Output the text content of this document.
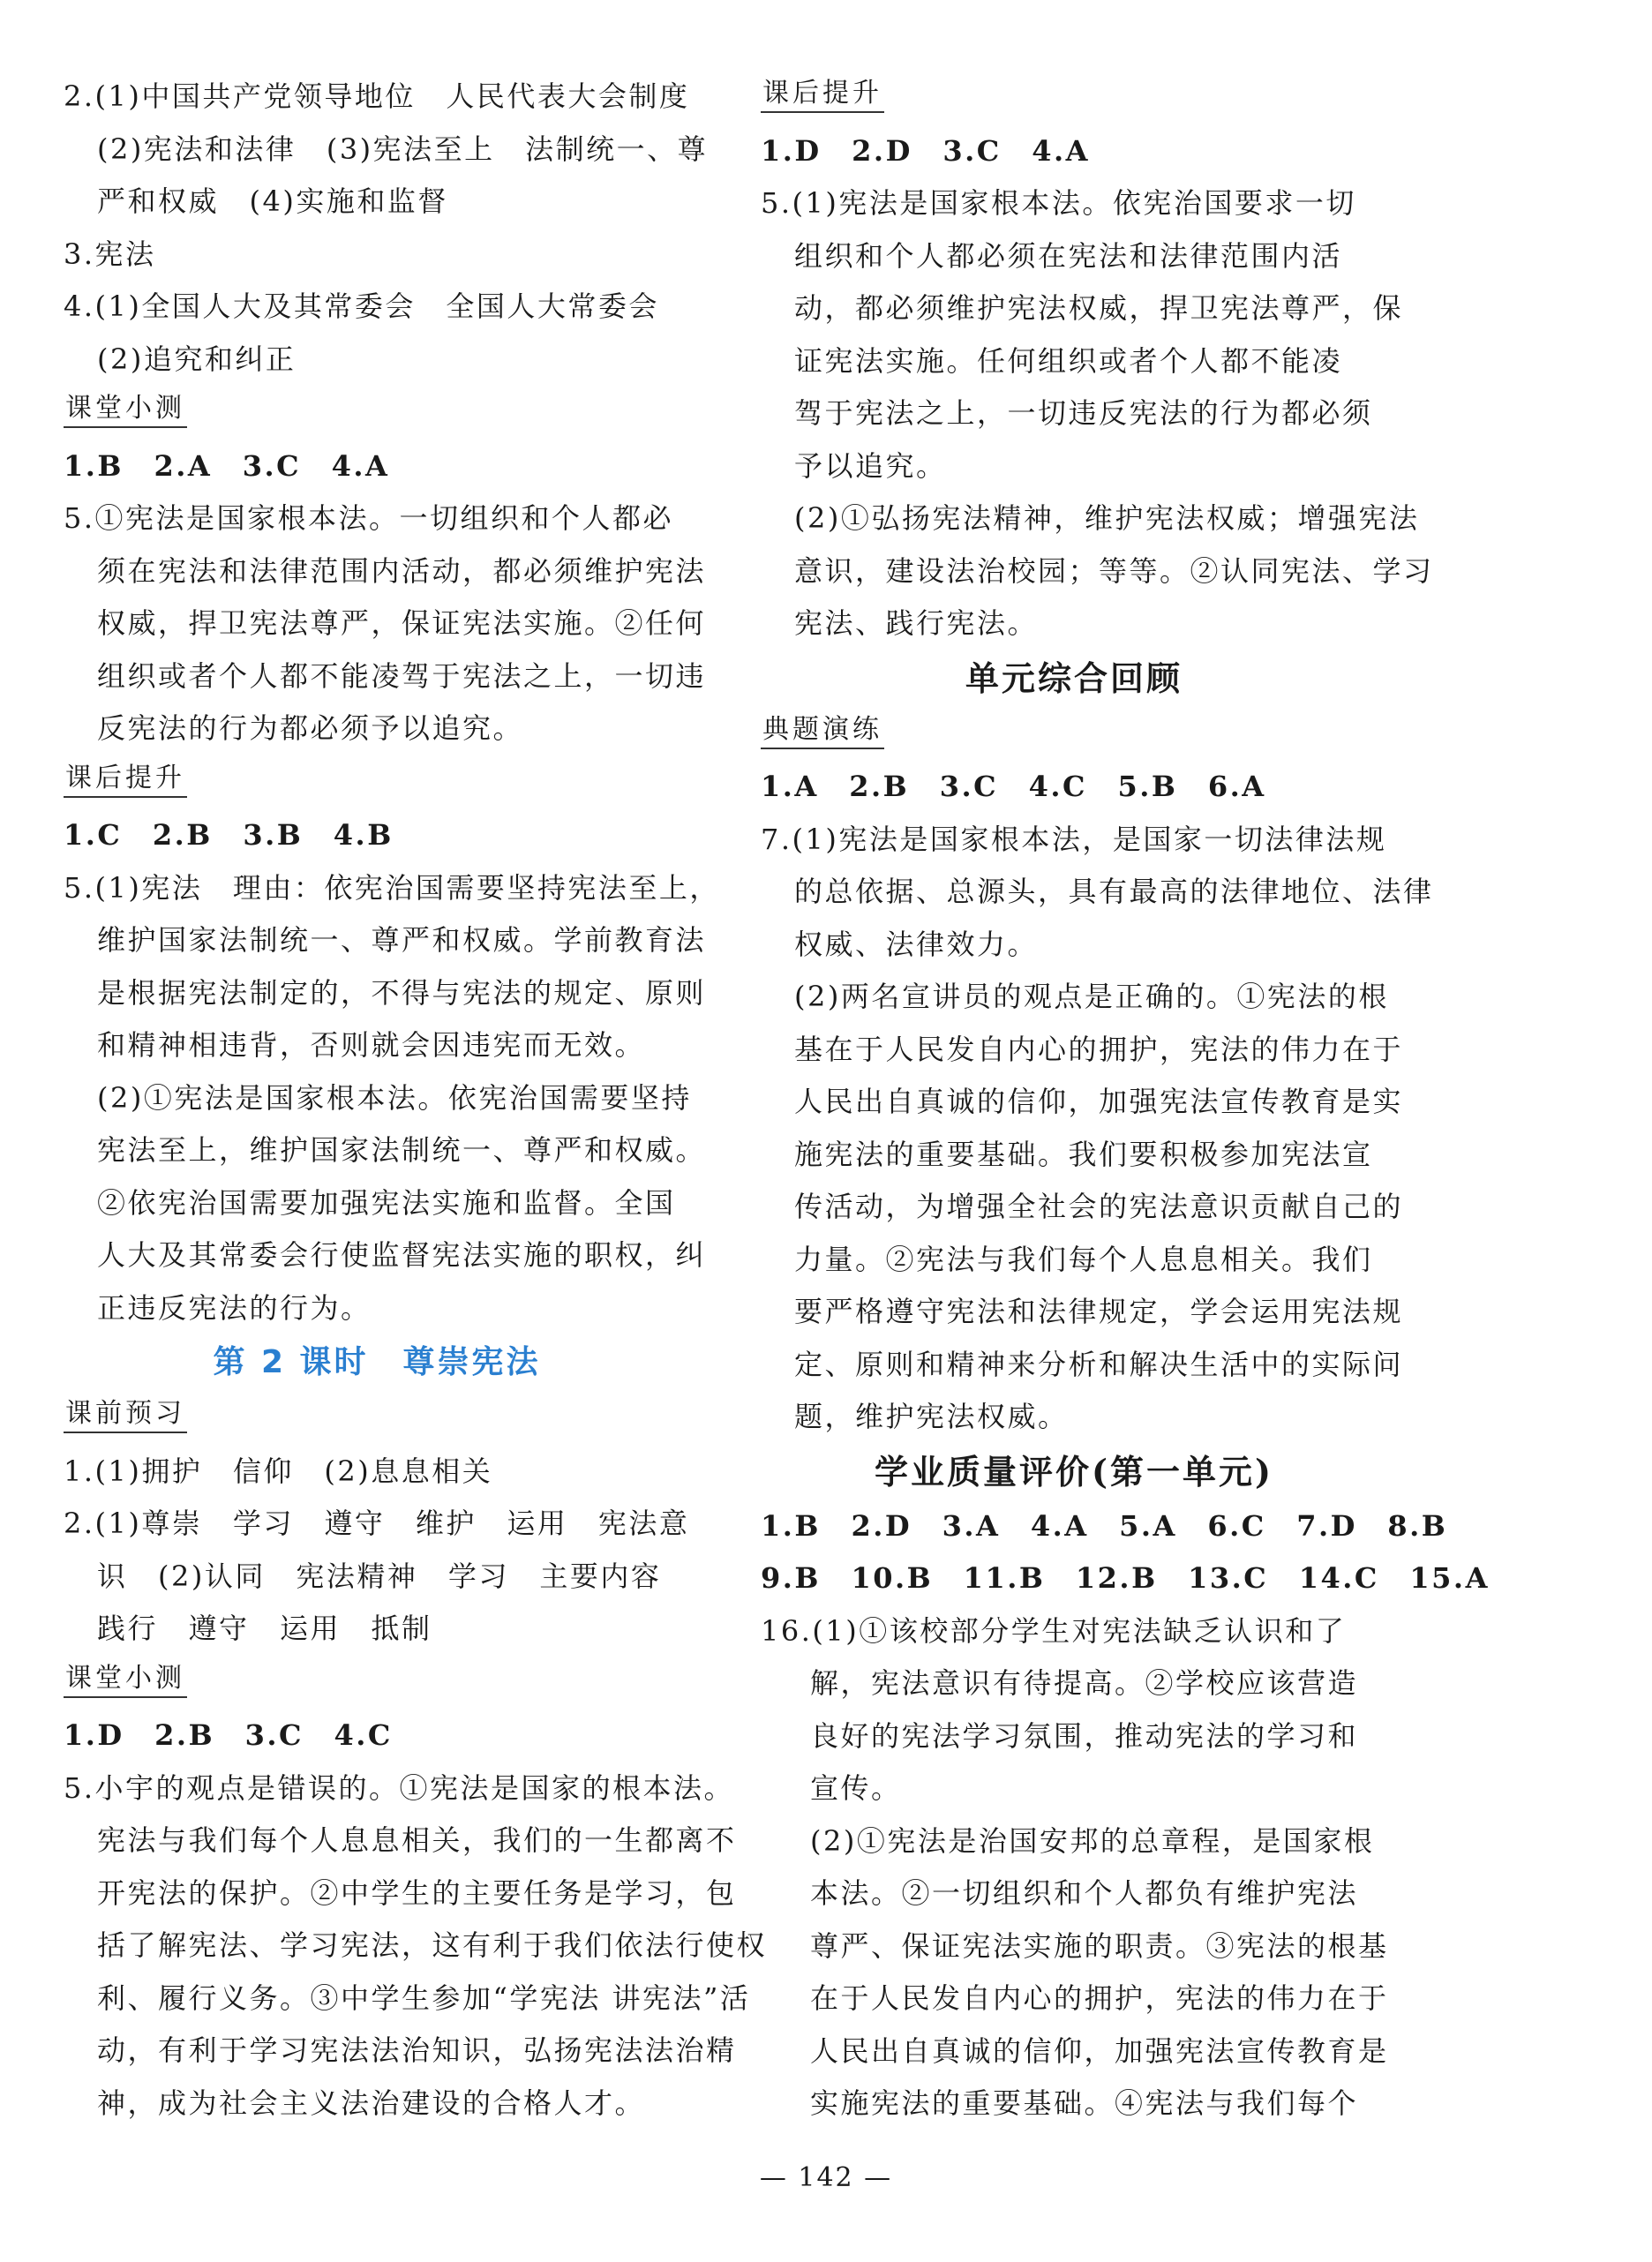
2.(1)中国共产党领导地位　人民代表大会制度
(2)宪法和法律　(3)宪法至上　法制统一、尊
严和权威　(4)实施和监督
3.宪法
4.(1)全国人大及其常委会　全国人大常委会
(2)追究和纠正
课堂小测
1.B　2.A　3.C　4.A
5.①宪法是国家根本法。一切组织和个人都必
须在宪法和法律范围内活动，都必须维护宪法
权威，捍卫宪法尊严，保证宪法实施。②任何
组织或者个人都不能凌驾于宪法之上，一切违
反宪法的行为都必须予以追究。
课后提升
1.C　2.B　3.B　4.B
5.(1)宪法　理由：依宪治国需要坚持宪法至上，
维护国家法制统一、尊严和权威。学前教育法
是根据宪法制定的，不得与宪法的规定、原则
和精神相违背，否则就会因违宪而无效。
(2)①宪法是国家根本法。依宪治国需要坚持
宪法至上，维护国家法制统一、尊严和权威。
②依宪治国需要加强宪法实施和监督。全国
人大及其常委会行使监督宪法实施的职权，纠
正违反宪法的行为。
第 2 课时　尊崇宪法
课前预习
1.(1)拥护　信仰　(2)息息相关
2.(1)尊崇　学习　遵守　维护　运用　宪法意
识　(2)认同　宪法精神　学习　主要内容
践行　遵守　运用　抵制
课堂小测
1.D　2.B　3.C　4.C
5.小宇的观点是错误的。①宪法是国家的根本法。
宪法与我们每个人息息相关，我们的一生都离不
开宪法的保护。②中学生的主要任务是学习，包
括了解宪法、学习宪法，这有利于我们依法行使权
利、履行义务。③中学生参加“学宪法 讲宪法”活
动，有利于学习宪法法治知识，弘扬宪法法治精
神，成为社会主义法治建设的合格人才。
课后提升
1.D　2.D　3.C　4.A
5.(1)宪法是国家根本法。依宪治国要求一切
组织和个人都必须在宪法和法律范围内活
动，都必须维护宪法权威，捍卫宪法尊严，保
证宪法实施。任何组织或者个人都不能凌
驾于宪法之上，一切违反宪法的行为都必须
予以追究。
(2)①弘扬宪法精神，维护宪法权威；增强宪法
意识，建设法治校园；等等。②认同宪法、学习
宪法、践行宪法。
单元综合回顾
典题演练
1.A　2.B　3.C　4.C　5.B　6.A
7.(1)宪法是国家根本法，是国家一切法律法规
的总依据、总源头，具有最高的法律地位、法律
权威、法律效力。
(2)两名宣讲员的观点是正确的。①宪法的根
基在于人民发自内心的拥护，宪法的伟力在于
人民出自真诚的信仰，加强宪法宣传教育是实
施宪法的重要基础。我们要积极参加宪法宣
传活动，为增强全社会的宪法意识贡献自己的
力量。②宪法与我们每个人息息相关。我们
要严格遵守宪法和法律规定，学会运用宪法规
定、原则和精神来分析和解决生活中的实际问
题，维护宪法权威。
学业质量评价(第一单元)
1.B　2.D　3.A　4.A　5.A　6.C　7.D　8.B
9.B　10.B　11.B　12.B　13.C　14.C　15.A
16.(1)①该校部分学生对宪法缺乏认识和了
解，宪法意识有待提高。②学校应该营造
良好的宪法学习氛围，推动宪法的学习和
宣传。
(2)①宪法是治国安邦的总章程，是国家根
本法。②一切组织和个人都负有维护宪法
尊严、保证宪法实施的职责。③宪法的根基
在于人民发自内心的拥护，宪法的伟力在于
人民出自真诚的信仰，加强宪法宣传教育是
实施宪法的重要基础。④宪法与我们每个
— 142 —
